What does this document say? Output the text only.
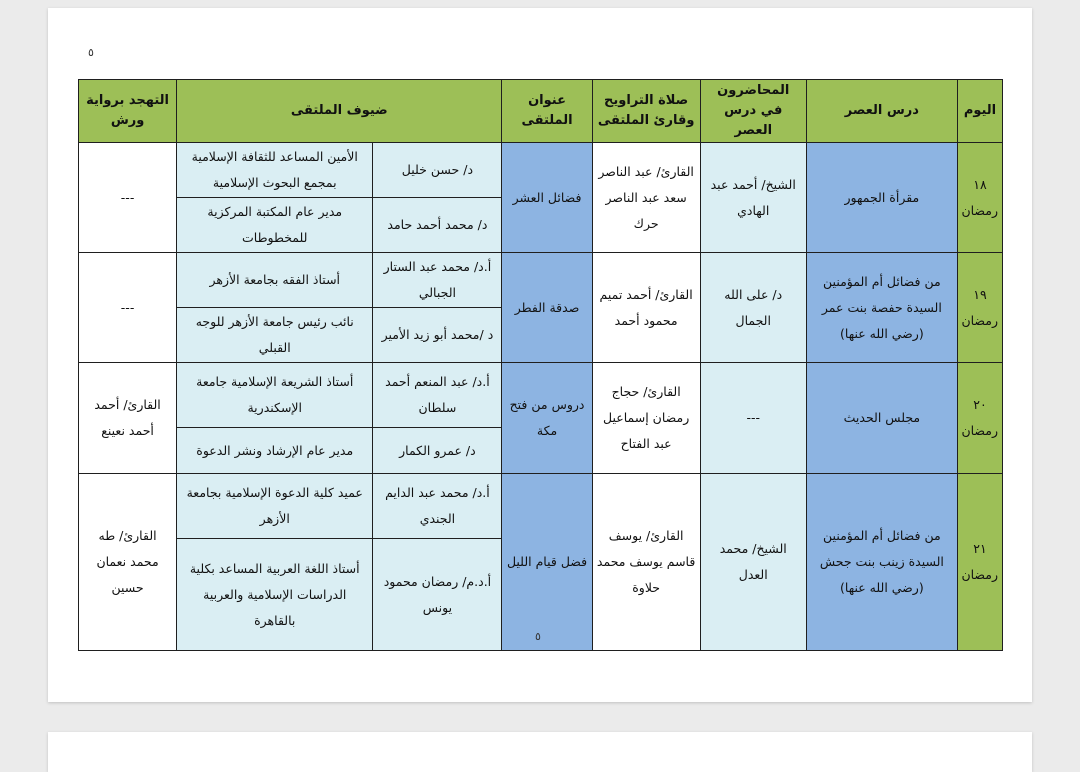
٥
اليوم	درس العصر	المحاضرون في درس العصر	صلاة التراويح وقارئ الملتقى	عنوان الملتقى	ضيوف الملتقى		التهجد برواية ورش
١٨ رمضان	مقرأة الجمهور	الشيخ/ أحمد عبد الهادي	القارئ/ عبد الناصر سعد عبد الناصر حرك	فضائل العشر	د/ حسن خليل	الأمين المساعد للثقافة الإسلامية بمجمع البحوث الإسلامية	---
					د/ محمد أحمد حامد	مدير عام المكتبة المركزية للمخطوطات	
١٩ رمضان	من فضائل أم المؤمنين السيدة حفصة بنت عمر (رضي الله عنها)	د/ على الله الجمال	القارئ/ أحمد تميم محمود أحمد	صدقة الفطر	أ.د/ محمد عبد الستار الجبالي	أستاذ الفقه بجامعة الأزهر	---
					د /محمد أبو زيد الأمير	نائب رئيس جامعة الأزهر للوجه القبلي	
٢٠ رمضان	مجلس الحديث	---	القارئ/ حجاج رمضان إسماعيل عبد الفتاح	دروس من فتح مكة	أ.د/ عبد المنعم أحمد سلطان	أستاذ الشريعة الإسلامية جامعة الإسكندرية	القارئ/ أحمد أحمد نعينع
					د/ عمرو الكمار	مدير عام الإرشاد ونشر الدعوة	
٢١ رمضان	من فضائل أم المؤمنين السيدة زينب بنت جحش (رضي الله عنها)	الشيخ/ محمد العدل	القارئ/ يوسف قاسم يوسف محمد حلاوة	فضل قيام الليل	أ.د/ محمد عبد الدايم الجندي	عميد كلية الدعوة الإسلامية بجامعة الأزهر	القارئ/ طه محمد نعمان حسين
					أ.د.م/ رمضان محمود يونس	أستاذ اللغة العربية المساعد بكلية الدراسات الإسلامية والعربية بالقاهرة	
٥
